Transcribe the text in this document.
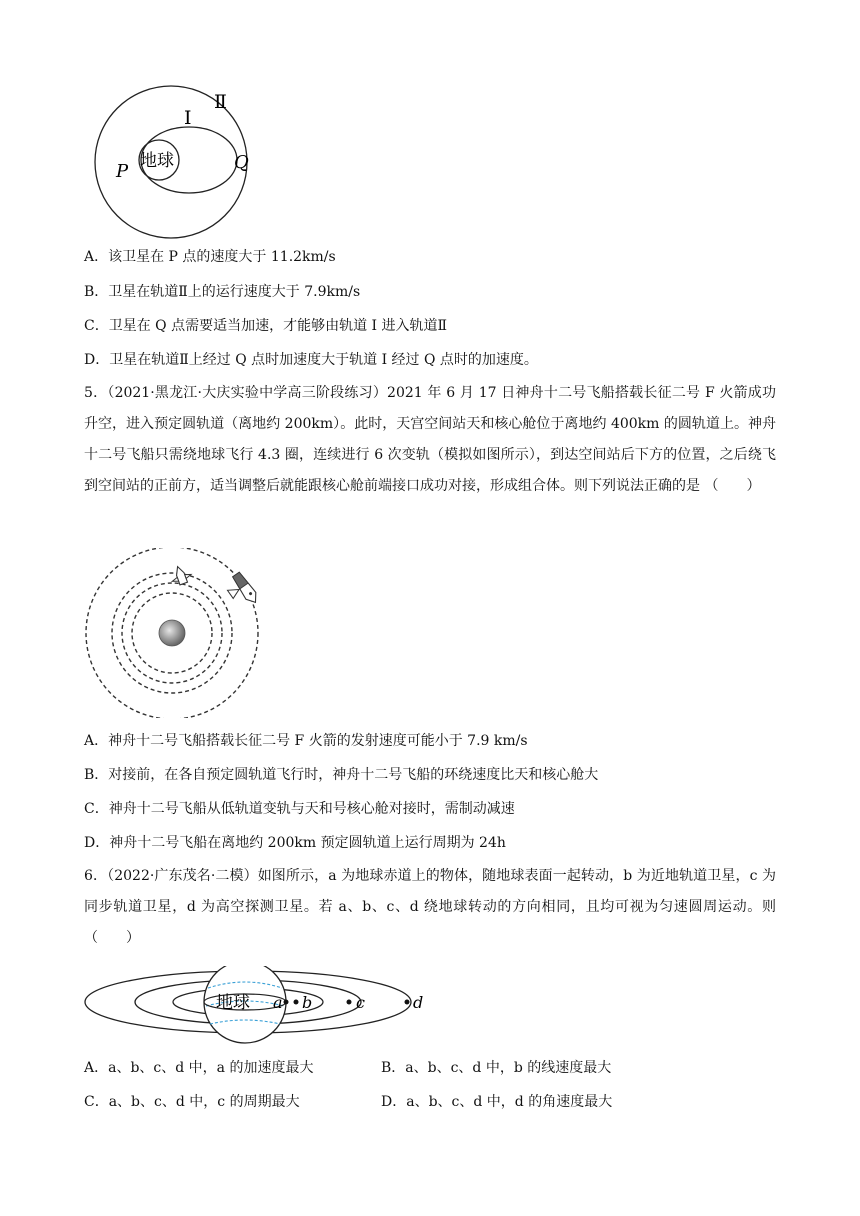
Ⅱ
Ⅰ
地球
P	Q
A．该卫星在 P 点的速度大于 11.2km/s
B．卫星在轨道Ⅱ上的运行速度大于 7.9km/s
C．卫星在 Q 点需要适当加速，才能够由轨道 I 进入轨道Ⅱ
D．卫星在轨道Ⅱ上经过 Q 点时加速度大于轨道 I 经过 Q 点时的加速度。
5．（2021·黑龙江·大庆实验中学高三阶段练习）2021 年 6 月 17 日神舟十二号飞船搭载长征二号 F 火箭成功升空，进入预定圆轨道（离地约 200km）。此时，天宫空间站天和核心舱位于离地约 400km 的圆轨道上。神舟十二号飞船只需绕地球飞行 4.3 圈，连续进行 6 次变轨（模拟如图所示），到达空间站后下方的位置，之后绕飞到空间站的正前方，适当调整后就能跟核心舱前端接口成功对接，形成组合体。则下列说法正确的是 （　　）
A．神舟十二号飞船搭载长征二号 F 火箭的发射速度可能小于 7.9 km/s
B．对接前，在各自预定圆轨道飞行时，神舟十二号飞船的环绕速度比天和核心舱大
C．神舟十二号飞船从低轨道变轨与天和号核心舱对接时，需制动减速
D．神舟十二号飞船在离地约 200km 预定圆轨道上运行周期为 24h
6．（2022·广东茂名·二模）如图所示，a 为地球赤道上的物体，随地球表面一起转动，b 为近地轨道卫星，c 为同步轨道卫星，d 为高空探测卫星。若 a、b、c、d 绕地球转动的方向相同，且均可视为匀速圆周运动。则（　　）
地球 a b	c	d
A．a、b、c、d 中，a 的加速度最大	B．a、b、c、d 中，b 的线速度最大
C．a、b、c、d 中，c 的周期最大	D．a、b、c、d 中，d 的角速度最大
